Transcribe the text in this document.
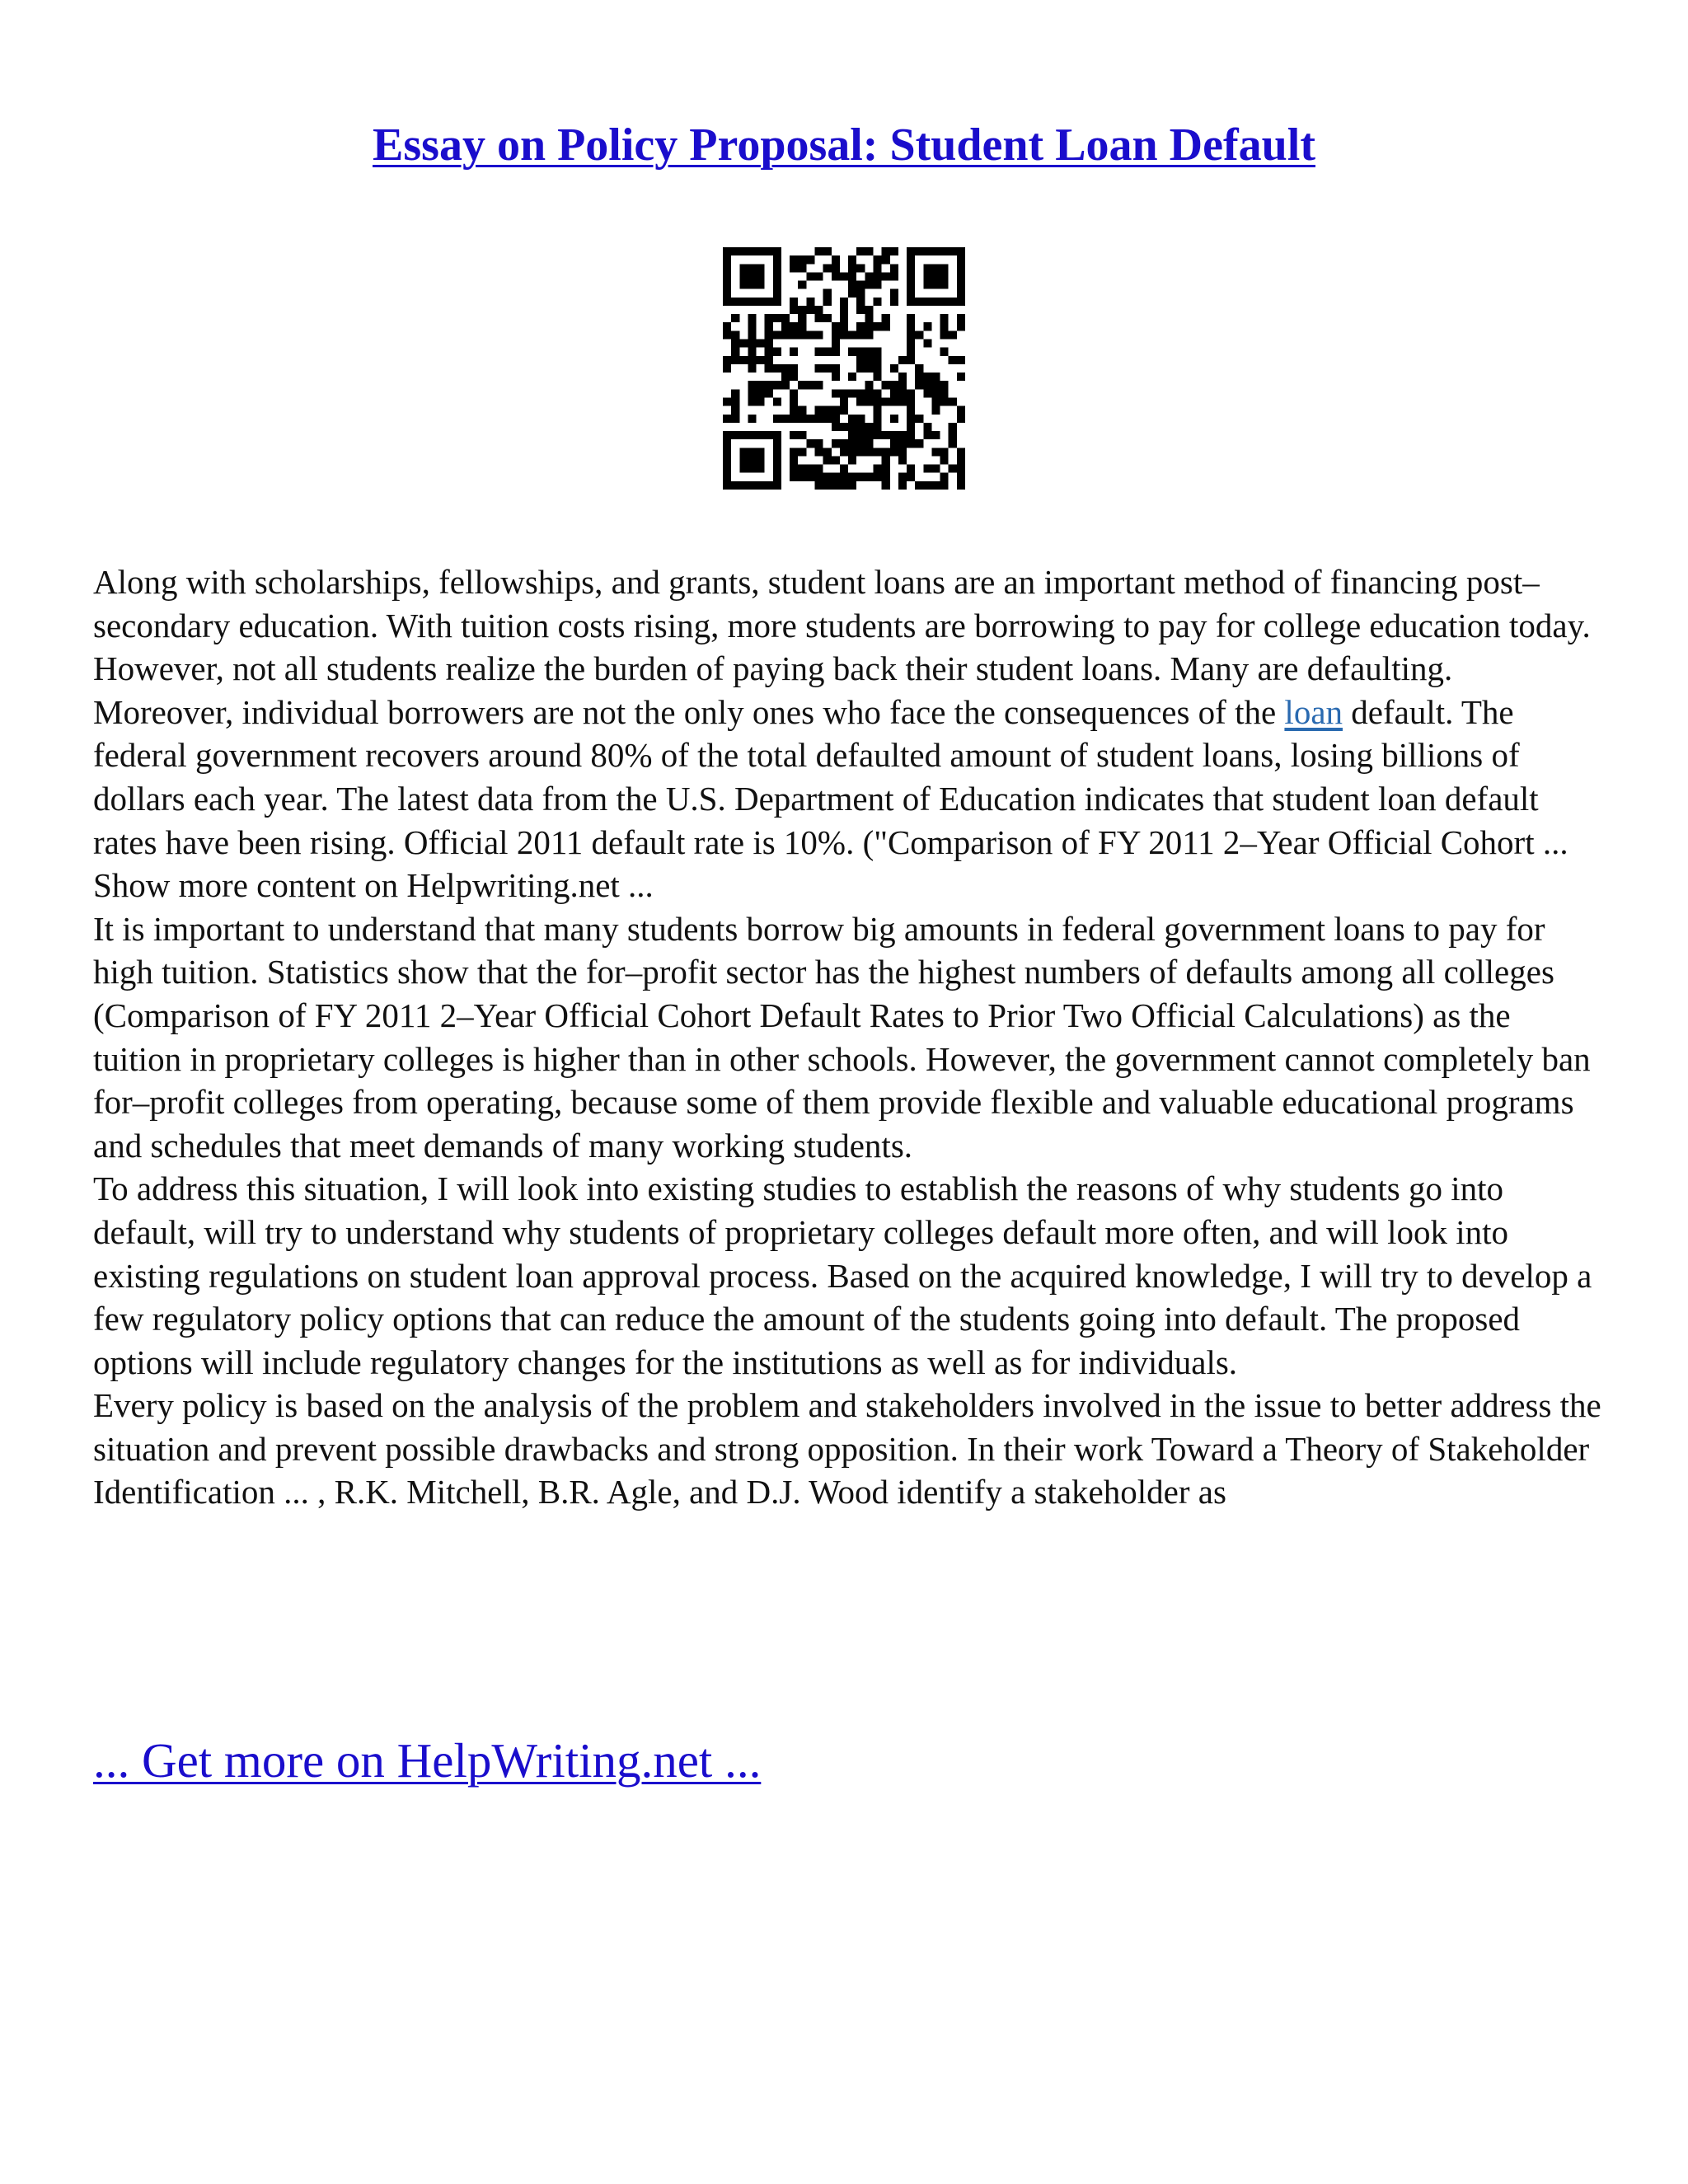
Essay on Policy Proposal: Student Loan Default

Along with scholarships, fellowships, and grants, student loans are an important method of financing post–secondary education. With tuition costs rising, more students are borrowing to pay for college education today. However, not all students realize the burden of paying back their student loans. Many are defaulting.

Moreover, individual borrowers are not the only ones who face the consequences of the loan default. The federal government recovers around 80% of the total defaulted amount of student loans, losing billions of dollars each year. The latest data from the U.S. Department of Education indicates that student loan default rates have been rising. Official 2011 default rate is 10%. ("Comparison of FY 2011 2–Year Official Cohort ... Show more content on Helpwriting.net ...

It is important to understand that many students borrow big amounts in federal government loans to pay for high tuition. Statistics show that the for–profit sector has the highest numbers of defaults among all colleges (Comparison of FY 2011 2–Year Official Cohort Default Rates to Prior Two Official Calculations) as the tuition in proprietary colleges is higher than in other schools. However, the government cannot completely ban for–profit colleges from operating, because some of them provide flexible and valuable educational programs and schedules that meet demands of many working students.

To address this situation, I will look into existing studies to establish the reasons of why students go into default, will try to understand why students of proprietary colleges default more often, and will look into existing regulations on student loan approval process. Based on the acquired knowledge, I will try to develop a few regulatory policy options that can reduce the amount of the students going into default. The proposed options will include regulatory changes for the institutions as well as for individuals.

Every policy is based on the analysis of the problem and stakeholders involved in the issue to better address the situation and prevent possible drawbacks and strong opposition. In their work Toward a Theory of Stakeholder Identification ... , R.K. Mitchell, B.R. Agle, and D.J. Wood identify a stakeholder as

... Get more on HelpWriting.net ...
